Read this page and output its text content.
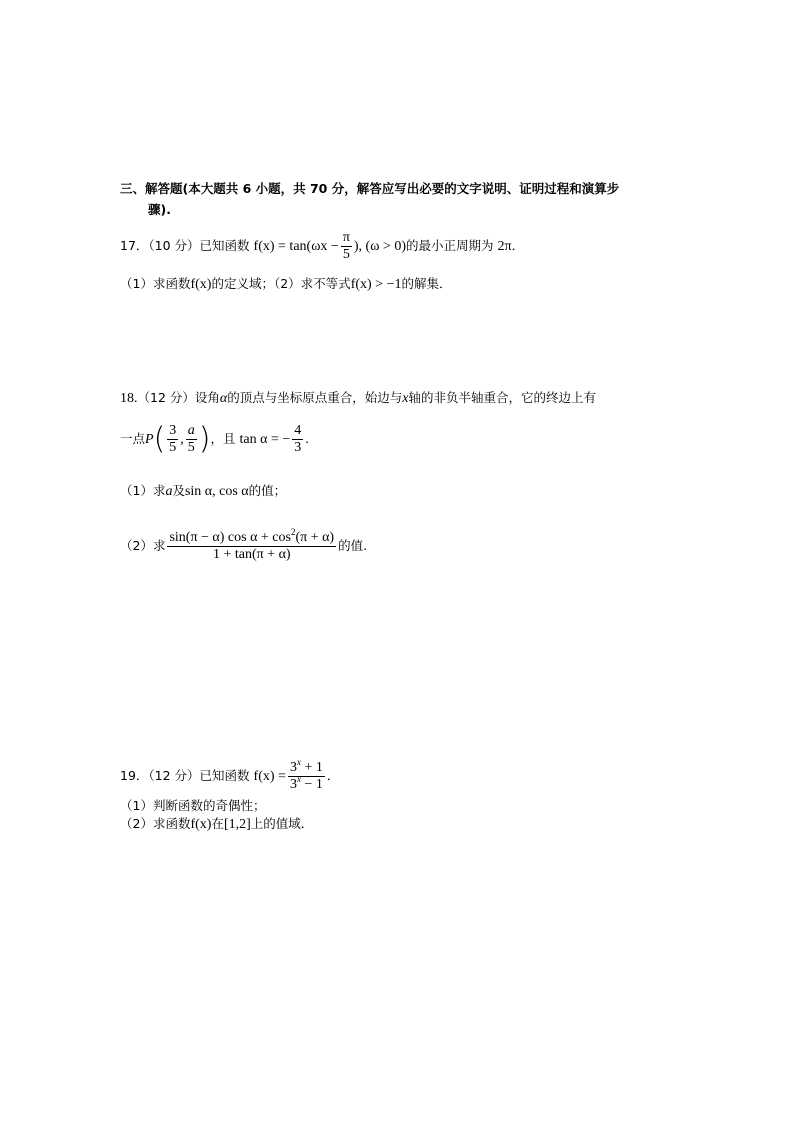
三、解答题(本大题共 6 小题，共 70 分，解答应写出必要的文字说明、证明过程和演算步
骤).
17．（10 分）已知函数 $f(x) = \tan(\omega x - \frac{\pi}{5}$ ), (ω > 0)的最小正周期为 2π．
（1）求函数f(x)的定义域；（2）求不等式f(x) > −1的解集．
18.（12 分）设角α的顶点与坐标原点重合，始边与x轴的非负半轴重合，它的终边上有
一点$P( \frac{3}{5}$ , $\frac{a}{5}$ )，且 tan α = − $\frac{4}{3}$ .
（1）求a及sin α, cos α的值；
（2）求 $\frac{\sin(\pi - \alpha) \cos \alpha + \cos^2(\pi + \alpha)}{1 + \tan(\pi + \alpha)}$ 的值.
19．（12 分）已知函数 $f(x) = \frac{3^x + 1}{3^x - 1}$ ．
（1）判断函数的奇偶性；
（2）求函数f(x)在[1,2]上的值域．
